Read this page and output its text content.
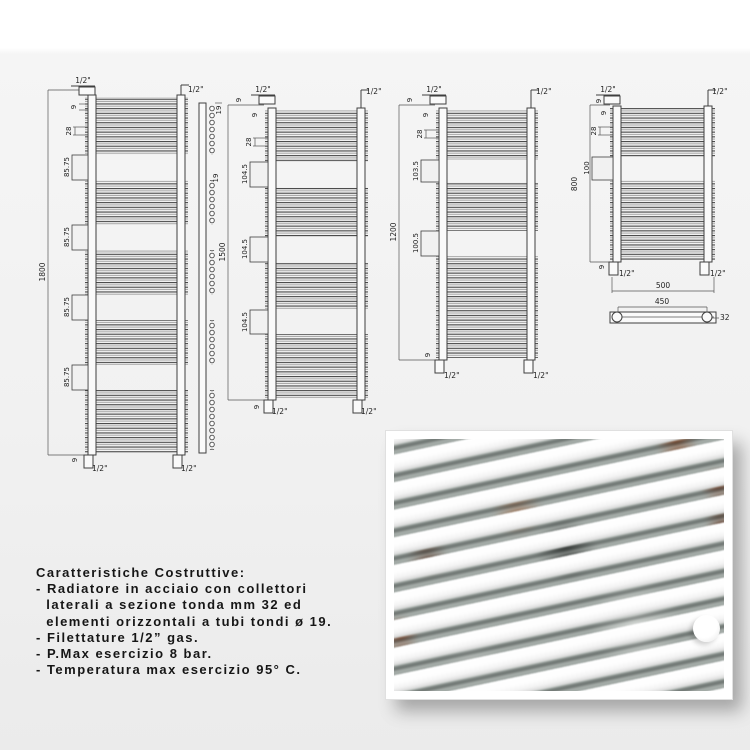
1800
1/2"
1/2"
9
28
85.75
85.75
85.75
85.75
9
1/2"	1/2"
19
19
1500
1/2"	1/2"
9
9
28
104.5
104.5
104.5
9 1/2"	1/2"
1200
1/2"	1/2"
9
9
28
103.5
100.5
9
1/2"	1/2"
800
1/2"	1/2"
9
9
28
100
9
1/2"	1/2"
500
450
32
Caratteristiche Costruttive:
- Radiatore in acciaio con collettori
laterali a sezione tonda mm 32 ed
elementi orizzontali a tubi tondi ø 19.
- Filettature 1/2” gas.
- P.Max esercizio 8 bar.
- Temperatura max esercizio 95° C.
